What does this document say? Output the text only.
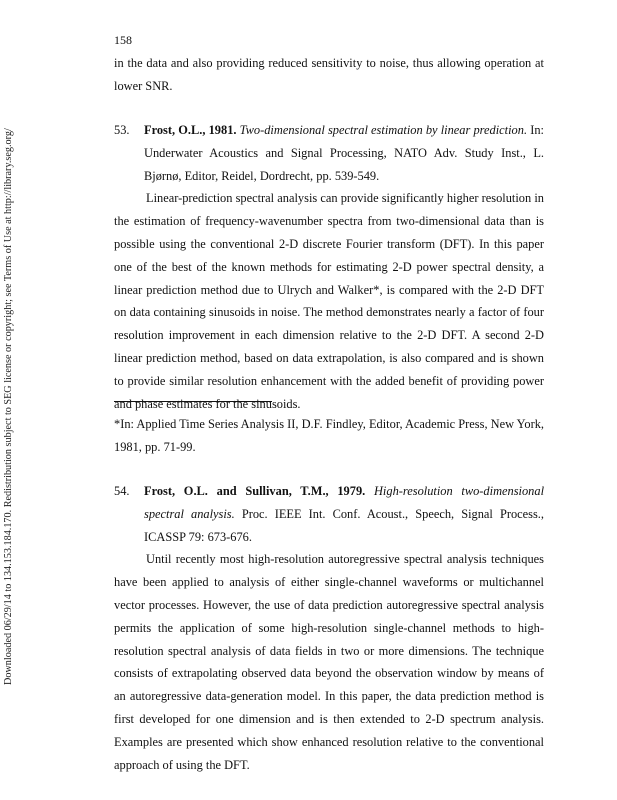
Downloaded 06/29/14 to 134.153.184.170. Redistribution subject to SEG license or copyright; see Terms of Use at http://library.seg.org/
158

in the data and also providing reduced sensitivity to noise, thus allowing operation at lower SNR.

53. Frost, O.L., 1981. Two-dimensional spectral estimation by linear prediction. In: Underwater Acoustics and Signal Processing, NATO Adv. Study Inst., L. Bjørnø, Editor, Reidel, Dordrecht, pp. 539-549.

Linear-prediction spectral analysis can provide significantly higher resolution in the estimation of frequency-wavenumber spectra from two-dimensional data than is possible using the conventional 2-D discrete Fourier transform (DFT). In this paper one of the best of the known methods for estimating 2-D power spectral density, a linear prediction method due to Ulrych and Walker*, is compared with the 2-D DFT on data containing sinusoids in noise. The method demonstrates nearly a factor of four resolution improvement in each dimension relative to the 2-D DFT. A second 2-D linear prediction method, based on data extrapolation, is also compared and is shown to provide similar resolution enhancement with the added benefit of providing power and phase estimates for the sinusoids.

*In: Applied Time Series Analysis II, D.F. Findley, Editor, Academic Press, New York, 1981, pp. 71-99.

54. Frost, O.L. and Sullivan, T.M., 1979. High-resolution two-dimensional spectral analysis. Proc. IEEE Int. Conf. Acoust., Speech, Signal Process., ICASSP 79: 673-676.

Until recently most high-resolution autoregressive spectral analysis techniques have been applied to analysis of either single-channel waveforms or multichannel vector processes. However, the use of data prediction autoregressive spectral analysis permits the application of some high-resolution single-channel methods to high-resolution spectral analysis of data fields in two or more dimensions. The technique consists of extrapolating observed data beyond the observation window by means of an autoregressive data-generation model. In this paper, the data prediction method is first developed for one dimension and is then extended to 2-D spectrum analysis. Examples are presented which show enhanced resolution relative to the conventional approach of using the DFT.
